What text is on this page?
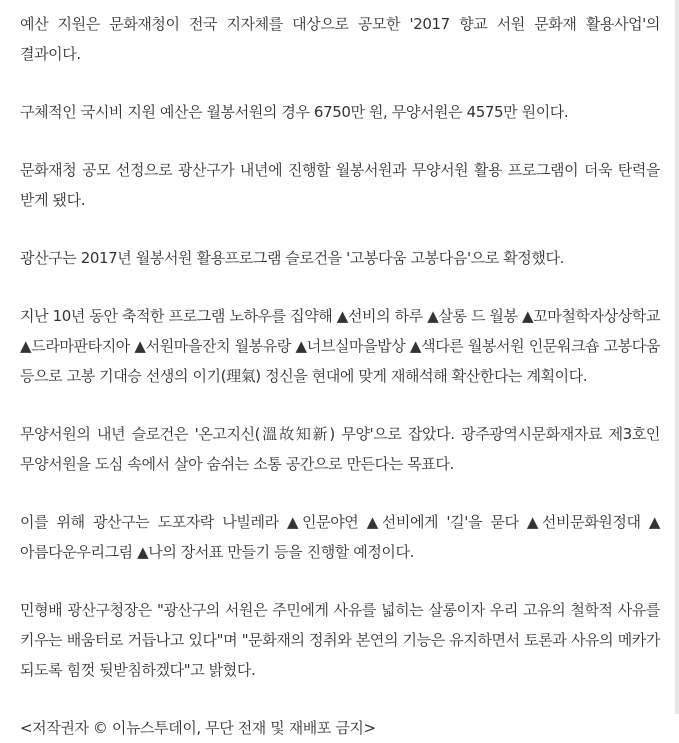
예산 지원은 문화재청이 전국 지자체를 대상으로 공모한 '2017 향교 서원 문화재 활용사업'의 결과이다.

구체적인 국시비 지원 예산은 월봉서원의 경우 6750만 원, 무양서원은 4575만 원이다.

문화재청 공모 선정으로 광산구가 내년에 진행할 월봉서원과 무양서원 활용 프로그램이 더욱 탄력을 받게 됐다.

광산구는 2017년 월봉서원 활용프로그램 슬로건을 '고봉다움 고봉다음'으로 확정했다.

지난 10년 동안 축적한 프로그램 노하우를 집약해 ▲선비의 하루 ▲살롱 드 월봉 ▲꼬마철학자상상학교 ▲드라마판타지아 ▲서원마을잔치 월봉유랑 ▲너브실마을밥상 ▲색다른 월봉서원 인문워크숍 고봉다움 등으로 고봉 기대승 선생의 이기(理氣) 정신을 현대에 맞게 재해석해 확산한다는 계획이다.

무양서원의 내년 슬로건은 '온고지신(溫故知新) 무양'으로 잡았다. 광주광역시문화재자료 제3호인 무양서원을 도심 속에서 살아 숨쉬는 소통 공간으로 만든다는 목표다.

이를 위해 광산구는 도포자락 나빌레라 ▲인문야연 ▲선비에게 '길'을 묻다 ▲선비문화원정대 ▲아름다운우리그림 ▲나의 장서표 만들기 등을 진행할 예정이다.

민형배 광산구청장은 "광산구의 서원은 주민에게 사유를 넓히는 살롱이자 우리 고유의 철학적 사유를 키우는 배움터로 거듭나고 있다"며 "문화재의 정취와 본연의 기능은 유지하면서 토론과 사유의 메카가 되도록 힘껏 뒷받침하겠다"고 밝혔다.

<저작권자 © 이뉴스투데이, 무단 전재 및 재배포 금지>
